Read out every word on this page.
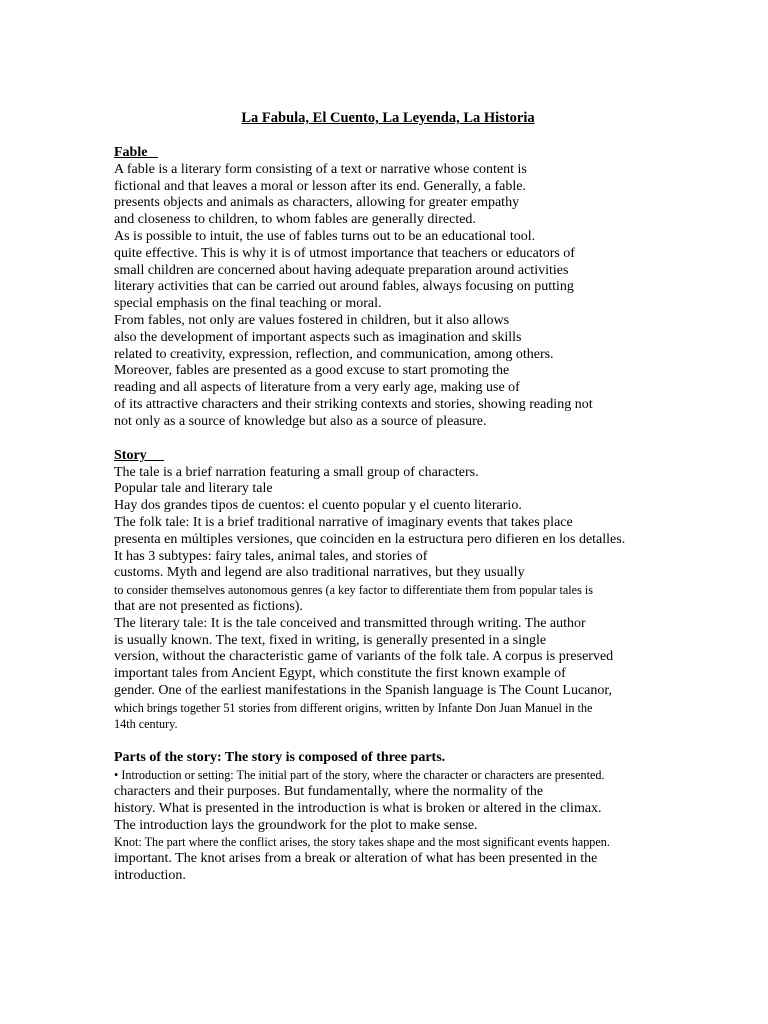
La Fabula, El Cuento, La Leyenda, La Historia
Fable
A fable is a literary form consisting of a text or narrative whose content is
fictional and that leaves a moral or lesson after its end. Generally, a fable.
presents objects and animals as characters, allowing for greater empathy
and closeness to children, to whom fables are generally directed.
As is possible to intuit, the use of fables turns out to be an educational tool.
quite effective. This is why it is of utmost importance that teachers or educators of
small children are concerned about having adequate preparation around activities
literary activities that can be carried out around fables, always focusing on putting
special emphasis on the final teaching or moral.
From fables, not only are values fostered in children, but it also allows
also the development of important aspects such as imagination and skills
related to creativity, expression, reflection, and communication, among others.
Moreover, fables are presented as a good excuse to start promoting the
reading and all aspects of literature from a very early age, making use of
of its attractive characters and their striking contexts and stories, showing reading not
not only as a source of knowledge but also as a source of pleasure.
Story
The tale is a brief narration featuring a small group of characters.
Popular tale and literary tale
Hay dos grandes tipos de cuentos: el cuento popular y el cuento literario.
The folk tale: It is a brief traditional narrative of imaginary events that takes place
presenta en múltiples versiones, que coinciden en la estructura pero difieren en los detalles.
It has 3 subtypes: fairy tales, animal tales, and stories of
customs. Myth and legend are also traditional narratives, but they usually
to consider themselves autonomous genres (a key factor to differentiate them from popular tales is
that are not presented as fictions).
The literary tale: It is the tale conceived and transmitted through writing. The author
is usually known. The text, fixed in writing, is generally presented in a single
version, without the characteristic game of variants of the folk tale. A corpus is preserved
important tales from Ancient Egypt, which constitute the first known example of
gender. One of the earliest manifestations in the Spanish language is The Count Lucanor,
which brings together 51 stories from different origins, written by Infante Don Juan Manuel in the
14th century.
Parts of the story: The story is composed of three parts.
• Introduction or setting: The initial part of the story, where the character or characters are presented.
characters and their purposes. But fundamentally, where the normality of the
history. What is presented in the introduction is what is broken or altered in the climax.
The introduction lays the groundwork for the plot to make sense.
Knot: The part where the conflict arises, the story takes shape and the most significant events happen.
important. The knot arises from a break or alteration of what has been presented in the
introduction.
